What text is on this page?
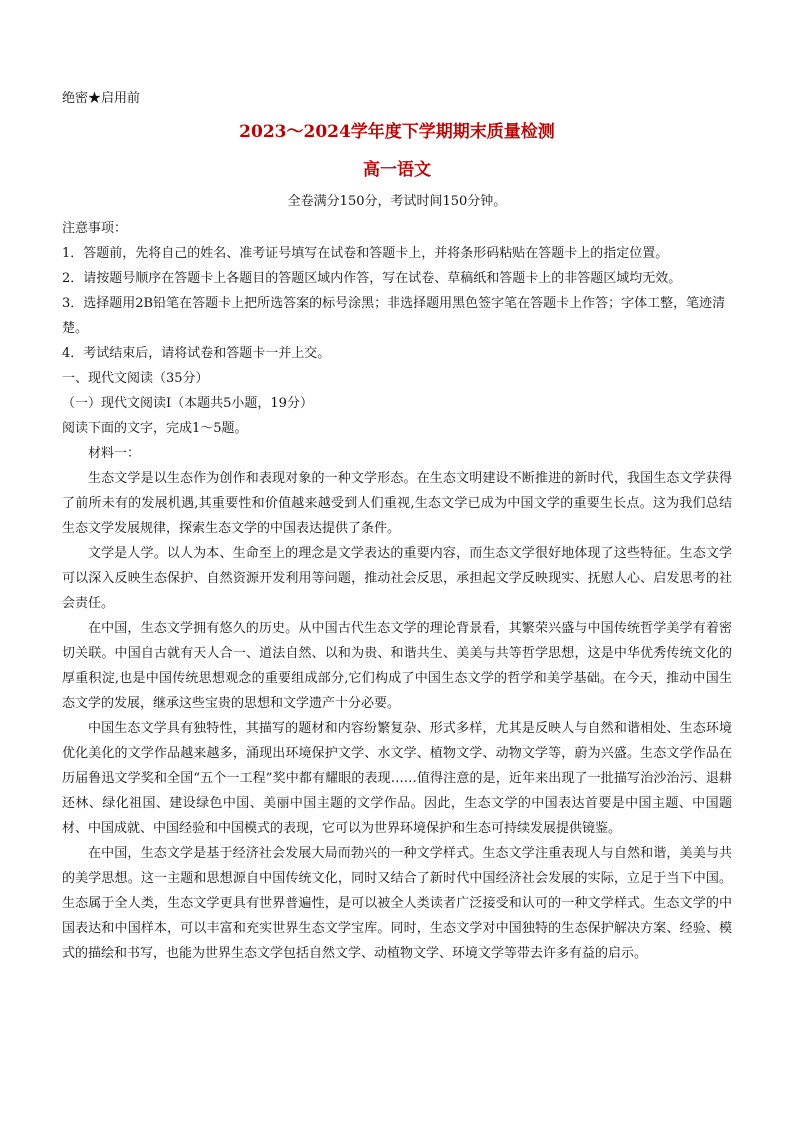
绝密★启用前

2023～2024学年度下学期期末质量检测
高一语文

全卷满分150分，考试时间150分钟。

注意事项：

1．答题前，先将自己的姓名、准考证号填写在试卷和答题卡上，并将条形码粘贴在答题卡上的指定位置。

2．请按题号顺序在答题卡上各题目的答题区域内作答，写在试卷、草稿纸和答题卡上的非答题区域均无效。

3．选择题用2B铅笔在答题卡上把所选答案的标号涂黑；非选择题用黑色签字笔在答题卡上作答；字体工整，笔迹清楚。

4．考试结束后，请将试卷和答题卡一并上交。

一、现代文阅读（35分）

（一）现代文阅读Ⅰ（本题共5小题，19分）

阅读下面的文字，完成1～5题。

材料一：

生态文学是以生态作为创作和表现对象的一种文学形态。在生态文明建设不断推进的新时代，我国生态文学获得了前所未有的发展机遇,其重要性和价值越来越受到人们重视,生态文学已成为中国文学的重要生长点。这为我们总结生态文学发展规律，探索生态文学的中国表达提供了条件。

文学是人学。以人为本、生命至上的理念是文学表达的重要内容，而生态文学很好地体现了这些特征。生态文学可以深入反映生态保护、自然资源开发利用等问题，推动社会反思，承担起文学反映现实、抚慰人心、启发思考的社会责任。

在中国，生态文学拥有悠久的历史。从中国古代生态文学的理论背景看，其繁荣兴盛与中国传统哲学美学有着密切关联。中国自古就有天人合一、道法自然、以和为贵、和谐共生、美美与共等哲学思想，这是中华优秀传统文化的厚重积淀,也是中国传统思想观念的重要组成部分,它们构成了中国生态文学的哲学和美学基础。在今天，推动中国生态文学的发展，继承这些宝贵的思想和文学遗产十分必要。

中国生态文学具有独特性，其描写的题材和内容纷繁复杂、形式多样，尤其是反映人与自然和谐相处、生态环境优化美化的文学作品越来越多，涌现出环境保护文学、水文学、植物文学、动物文学等，蔚为兴盛。生态文学作品在历届鲁迅文学奖和全国“五个一工程”奖中都有耀眼的表现……值得注意的是，近年来出现了一批描写治沙治污、退耕还林、绿化祖国、建设绿色中国、美丽中国主题的文学作品。因此，生态文学的中国表达首要是中国主题、中国题材、中国成就、中国经验和中国模式的表现，它可以为世界环境保护和生态可持续发展提供镜鉴。

在中国，生态文学是基于经济社会发展大局而勃兴的一种文学样式。生态文学注重表现人与自然和谐，美美与共的美学思想。这一主题和思想源自中国传统文化，同时又结合了新时代中国经济社会发展的实际，立足于当下中国。生态属于全人类，生态文学更具有世界普遍性，是可以被全人类读者广泛接受和认可的一种文学样式。生态文学的中国表达和中国样本，可以丰富和充实世界生态文学宝库。同时，生态文学对中国独特的生态保护解决方案、经验、模式的描绘和书写，也能为世界生态文学包括自然文学、动植物文学、环境文学等带去许多有益的启示。
